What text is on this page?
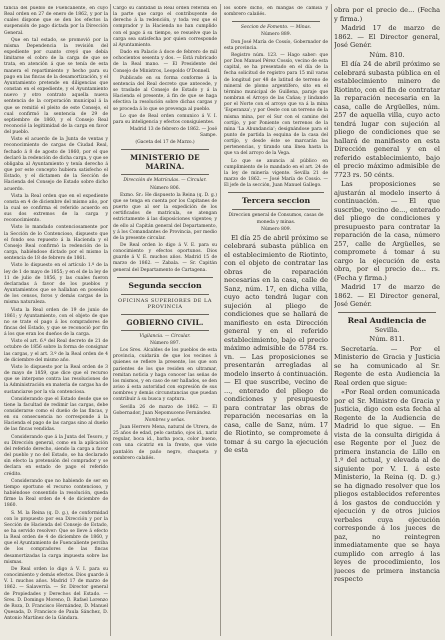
tancia del pueblo de Fuencaliente, en cuyo Real orden en 27 de enero de 1862, y por la cuales dispone que se den los efectos la suspensión de pago dictada por la Dirección General.

Que en tal estado, se promovió por la misma Dependencia la revisión del expediente por cuanto creyó que debía limitarse el cobro de la carga de que se trata, en atención á que se tenía de esta manera el repartimiento y hecho para su pago en las fincas de la desamortización, y el Ayuntamiento pretende en diligencias que constan en el expediente, y el Ayuntamiento nuevo y otro contrato aquella nueva sentencia de la corporación municipal á la que se remitió el pleito de este Consejo, el cual confirmó la sentencia de 29 de septiembre de 1860, y el Consejo Real reconoció la legitimidad de la carga en favor del pueblo.

Visto el acuerdo de la Junta de ventas y reconocimiento de cargas de Ciudad Real, fechado á 8 de agosto de 1860, por el que declaró la redención de dicha carga, y que se obligaba al Ayuntamiento y tenía derecho á que por este concepto hubiera satisfecho el Estado, y el dictamen de la Sección de Hacienda del Consejo de Estado sobre dicho acuerdo.

Vista la Real orden que en el expediente consta en 4 de diciembre del mismo año, por la cual se confirma el referido acuerdo en sus dos extremos de la carga y reconocimiento.

Visto lo mandado contenciosamente por la Sección de lo Contencioso, dispuesto que el fondo sea repuesto á la Hacienda y el Consejo Real confirmó la redención de la carga, habiéndose dictado por el mismo la sentencia de 18 de febrero de 1861.

Visto lo dispuesto en el artículo 1.º de la ley de 1 de mayo de 1855; y en el de la ley de 11 de julio de 1856, y las cuales fueron declaradas á favor de los pueblos y Ayuntamientos que se hallaban en posesión de los censos, foros y demás cargas de la misma naturaleza.

Vista la Real orden de 19 de junio de 1861; y Ayuntamiento, con el objeto de que no se trate el pago á los compradores de fincas del Estado, y que se reconoció por fin á los que eran los dueños de la carga.

Visto el art. 6.º del Real decreto de 21 de octubre de 1856 sobre la forma de consignar las cargas, y el art. 3.º de la Real orden de 4 de diciembre del mismo año.

Visto lo dispuesto por la Real orden de 3 de mayo de 1859, que dice que el recurso que se interpone contra las resoluciones de la Administración en materia de cargas ha de sustanciarse por la vía contenciosa.

Considerando que el Estado desde que se tiene la facultad de redimir las cargas, debe considerarse como el dueño de las fincas, y en su consecuencia no corresponde á la Hacienda el pago de las cargas sino al dueño de las fincas vendidas.

Considerando que á la Junta del Tesoro, y su Dirección general, como en la aplicación del referido derecho, siendo la carga a favor del pueblo y no del Estado, se ha declarado sin efecto la pretensión del comprador y se declara en estado de pago el referido crédito.

Considerando que no habiendo de ser en tiempo oportuno el recurso contencioso, y habiéndose consentido la resolución, queda firme la Real orden de 4 de diciembre de 1860.

S. M. la Reina (q. D. g.), de conformidad con lo propuesto por esa Dirección y por la Sección de Hacienda del Consejo de Estado, se ha servido resolver: Que se lleve á efecto la Real orden de 4 de diciembre de 1860, y que el Ayuntamiento de Fuencaliente perciba de los compradores de las fincas desamortizadas la carga impuesta sobre las mismas.

De Real orden lo digo á V. I. para su conocimiento y demás efectos. Dios guarde á V. I. muchos años. Madrid 17 de marzo de 1862. — Salaverría. — Sr. Director general de Propiedades y Derechos del Estado. — Sres. D. Domingo Moreno, D. Rafael Lorenzo de Roza, D. Francisco Hernández, D. Manuel Quesada, D. Francisco de Paula Sánchez, D. Antonio Martínez de la Gándara.

Cargo su cantidad la Real orden referida en la parte que cargo el contribuyente de derecho á la redención, y toda vez que el comprador y la Hacienda no han cumplido con el pago á su tiempo, se resuelve que la carga sea satisfecha por quien corresponde al Ayuntamiento.

Dado en Palacio á doce de febrero de mil ochocientos sesenta y dos. — Está rubricado de la Real mano. — El Presidente del Consejo de Ministros, Leopoldo O'Donnell.

Publicado en su forma conforme á la sentencia del Real decreto que antecede, y se traslade al Consejo de Estado y á la Hacienda el presente, á fin de que se haga efectiva la resolución sobre dichas cargas y se proceda á lo que se prevenga al pueblo.

Lo que de Real orden comunico á V. I. para su inteligencia y efectos consiguientes.

Madrid 13 de febrero de 1862. — José Sampe.

(Gaceta del 17 de Marzo.)

MINISTERIO DE MARINA.

Dirección de Matrículas. — Circular.

Número 806.

Exmo. Sr.: He dispuesto la Reina (q. D. g.) que se tenga en cuenta por los Capitanes de puerto que al ser la expedición de los certificados de matrícula, se atengan estrictamente á las disposiciones vigentes; y de ello al Capitán general del Departamento, y á los Comandantes de Provincia, por medio de la presente circular.

De Real orden lo digo á V. E. para su conocimiento y efectos oportunos. Dios guarde á V. E. muchos años. Madrid 15 de marzo de 1862. — Zabala. — Sr. Capitán general del Departamento de Cartagena.

Segunda seccion

OFICINAS SUPERIORES DE LA PROVINCIA

GOBIERNO CIVIL.

Vigilancia. — Circular.

Número 897.

Los Sres. Alcaldes de los pueblos de esta provincia, cuidarán de que los vecinos á quienes se refiere la presente, los que son parientes de los que residen en ultramar, remitan noticia y haga conocer las señas de los mismos, y en caso de ser hallados, se den aviso á esta autoridad con expresión de sus nombres y demás circunstancias que puedan contribuir á su busca y captura.

Sevilla 26 de marzo de 1862. — El Gobernador, Juan Nepomuceno Fernández.

Nombres y señas.

Juan Herrero Mena, natural de Utrera, de 25 años de edad, pelo castaño, ojos id., nariz regular, boca id., barba poca, color bueno, con una cicatriz en la frente, que viste pantalón de paño negro, chaqueta y sombrero calañés.

los sobre dicho, en mangas de camisa y sombrero calañés.

Seccion de Fomento. — Minas.

Número 889.

Don José María de Cossío, Gobernador de esta provincia.

Registro núm. 123. — Hago saber: que por Don Manuel Pérez Cossío, vecino de esta capital, se ha presentado en el día de la fecha solicitud de registro para 15 mil varas de longitud por 48 de latitud de terreno de mineral de plomo argentífero, sito en el término municipal de Guillena, paraje que nombran el Arroyo de las Cañas; y lindando por el Norte con el arroyo que va á la mina 'Esperanza'; y por Oeste con un terreno de la misma mina, por el Sur con el camino del cortijo, y por Poniente con terrenos de la mina 'La Abundancia'; designándose para el punto de partida la esquina de la casa del cortijo, y desde éste se marcarán las pertenencias, y tirando una línea hasta la que va del arroyo de la Vega.

Lo que se anuncia al público en cumplimiento de lo mandado en el art. 24 de la ley de minería vigente. Sevilla 21 de marzo de 1862. — José María de Cossío. — El jefe de la sección, Juan Manuel Gallego.

Tercera seccion

Direccion general de Consumos, casas de moneda y minas.

Número 809.

El día 25 de abril próximo se celebrará subasta pública en el establecimiento de Riotinto, con el objeto de contratar las obras de reparación necesarias en la casa, calle de Sanz, núm. 17, en dicha villa, cuyo acto tendrá lugar con sujeción al pliego de condiciones que se hallará de manifiesto en esta Dirección general y en el referido establecimiento, bajo el precio máximo admisible de 5784 rs. vn. — Las proposiciones se presentarán arregladas al modelo inserto á continuación. — El que suscribe, vecino de ..., enterado del pliego de condiciones y presupuesto para contratar las obras de reparación necesarias en la casa, calle de Sanz, núm. 17 de Riotinto, se compromete á tomar á su cargo la ejecución de esta

obra por el precio de... (Fecha y firma.)

Madrid 17 de marzo de 1862. — El Director general, José Genér.

Núm. 810.

El día 24 de abril próximo se celebrará subasta pública en el establecimiento minero de Riotinto, con el fin de contratar la reparación necesaria en la casa, calle de Argüelles, núm. 257 de aquella villa, cuyo acto tendrá lugar con sujeción al pliego de condiciones que se hallará de manifiesto en esta Dirección general y en el referido establecimiento, bajo el precio máximo admisible de 7723 rs. 50 cénts.

Las proposiciones se ajustarán al modelo inserto á continuación. — El que suscribe, vecino de..., enterado del pliego de condiciones y presupuesto para contratar la reparación de la casa, número 257, calle de Argüelles, se compromete á tomar á su cargo la ejecución de esta obra, por el precio de... rs. (Fecha y firma.)

Madrid 17 de marzo de 1862. — El Director general, José Genér.

Real Audiencia de

Sevilla.

Núm. 811.

Secretaría. — Por el Ministerio de Gracia y Justicia se ha comunicado al Sr. Regente de esta Audiencia la Real orden que sigue:

«Por Real orden comunicada por el Sr. Ministro de Gracia y Justicia, digo con esta fecha al Regente de la Audiencia de Madrid lo que sigue. — En vista de la consulta dirigida á ese Regente por el Juez de primera instancia de Lillo en 1.º del actual, y elevada al de siguiente por V. I. á este Ministerio, la Reina (q. D. g.) se ha dignado resolver que los pliegos establecidos referentes á los gastos de conducción y ejecución y de otros juicios verbales cuya ejecución corresponde á los jueces de paz, no reintegren inmediatamente que se haya cumplido con arreglo á las leyes de procedimiento, los jueces de primera instancia respecto
